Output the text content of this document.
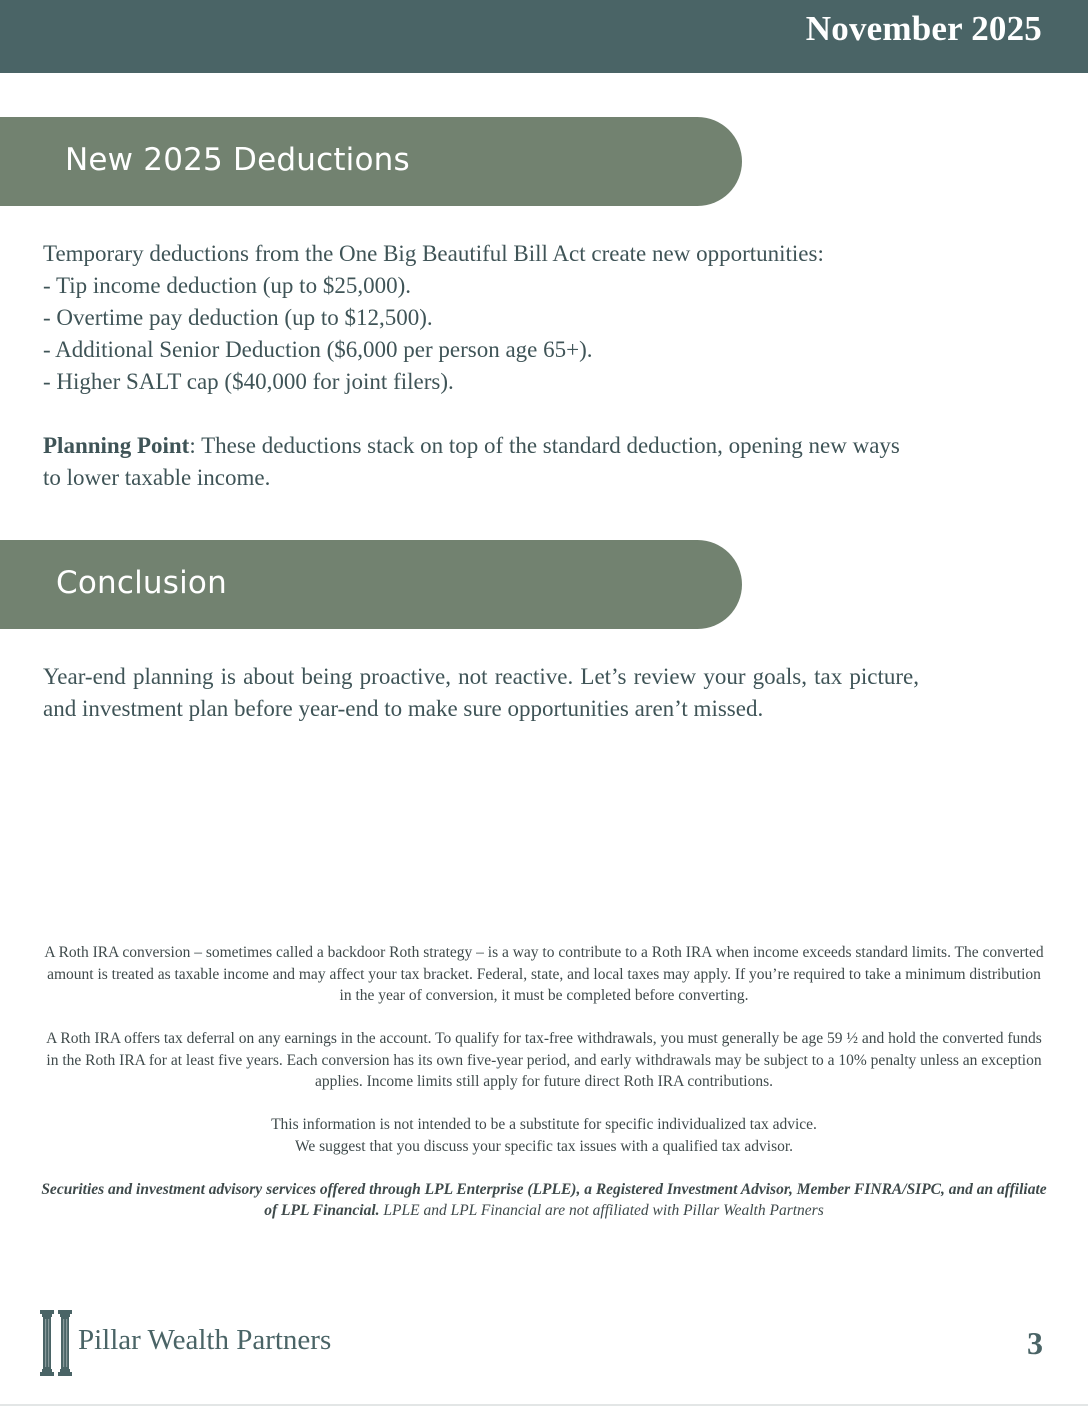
November 2025
New 2025 Deductions

Temporary deductions from the One Big Beautiful Bill Act create new opportunities:

- Tip income deduction (up to $25,000).

- Overtime pay deduction (up to $12,500).

- Additional Senior Deduction ($6,000 per person age 65+).

- Higher SALT cap ($40,000 for joint filers).

Planning Point: These deductions stack on top of the standard deduction, opening new ways to lower taxable income.

Conclusion

Year-end planning is about being proactive, not reactive. Let’s review your goals, tax picture, and investment plan before year-end to make sure opportunities aren’t missed.

A Roth IRA conversion – sometimes called a backdoor Roth strategy – is a way to contribute to a Roth IRA when income exceeds standard limits. The converted amount is treated as taxable income and may affect your tax bracket. Federal, state, and local taxes may apply. If you’re required to take a minimum distribution in the year of conversion, it must be completed before converting.

A Roth IRA offers tax deferral on any earnings in the account. To qualify for tax-free withdrawals, you must generally be age 59 ½ and hold the converted funds in the Roth IRA for at least five years. Each conversion has its own five-year period, and early withdrawals may be subject to a 10% penalty unless an exception applies. Income limits still apply for future direct Roth IRA contributions.

This information is not intended to be a substitute for specific individualized tax advice.
We suggest that you discuss your specific tax issues with a qualified tax advisor.

Securities and investment advisory services offered through LPL Enterprise (LPLE), a Registered Investment Advisor, Member FINRA/SIPC, and an affiliate of LPL Financial. LPLE and LPL Financial are not affiliated with Pillar Wealth Partners

Pillar Wealth Partners	3
